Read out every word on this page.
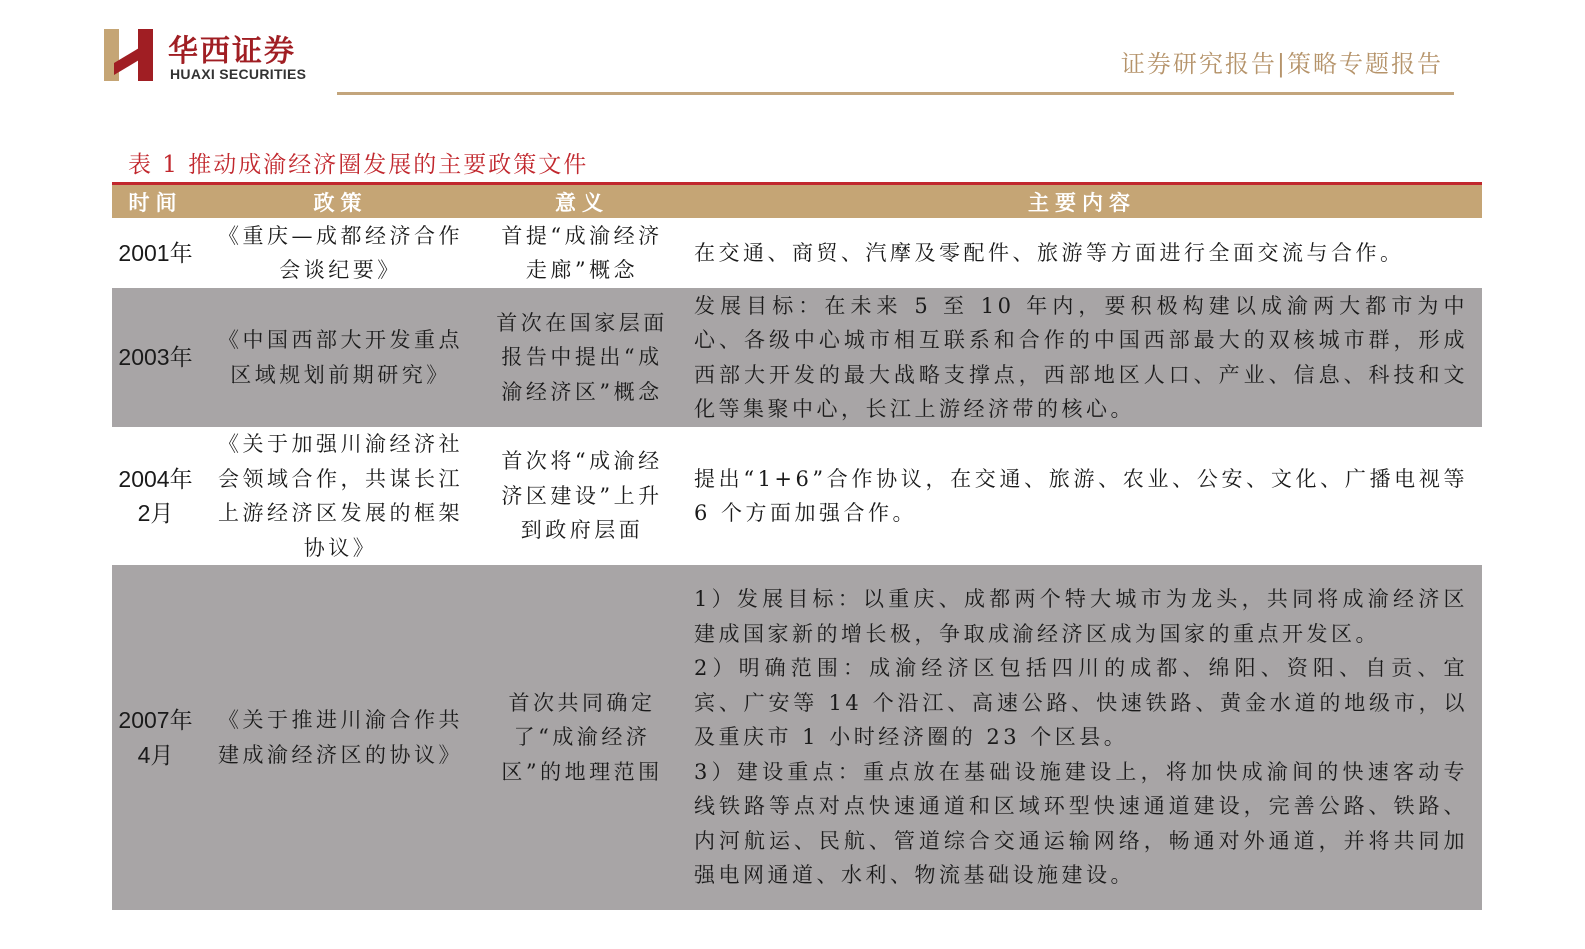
华西证券
HUAXI SECURITIES	证券研究报告|策略专题报告
表 1 推动成渝经济圈发展的主要政策文件
时间	政策	意义	主要内容
2001年	《重庆—成都经济合作会谈纪要》	首提“成渝经济走廊”概念	在交通、商贸、汽摩及零配件、旅游等方面进行全面交流与合作。

2003年	《中国西部大开发重点区域规划前期研究》	首次在国家层面报告中提出“成渝经济区”概念	发展目标：在未来 5 至 10 年内，要积极构建以成渝两大都市为中心、各级中心城市相互联系和合作的中国西部最大的双核城市群，形成西部大开发的最大战略支撑点，西部地区人口、产业、信息、科技和文化等集聚中心，长江上游经济带的核心。

2004年2月	《关于加强川渝经济社会领域合作，共谋长江上游经济区发展的框架协议》	首次将“成渝经济区建设”上升到政府层面	提出“1+6”合作协议，在交通、旅游、农业、公安、文化、广播电视等 6 个方面加强合作。

2007年4月	《关于推进川渝合作共建成渝经济区的协议》	首次共同确定了“成渝经济区”的地理范围	1）发展目标：以重庆、成都两个特大城市为龙头，共同将成渝经济区建成国家新的增长极，争取成渝经济区成为国家的重点开发区。
2）明确范围：成渝经济区包括四川的成都、绵阳、资阳、自贡、宜宾、广安等 14 个沿江、高速公路、快速铁路、黄金水道的地级市，以及重庆市 1 小时经济圈的 23 个区县。
3）建设重点：重点放在基础设施建设上，将加快成渝间的快速客动专线铁路等点对点快速通道和区域环型快速通道建设，完善公路、铁路、内河航运、民航、管道综合交通运输网络，畅通对外通道，并将共同加强电网通道、水利、物流基础设施建设。
